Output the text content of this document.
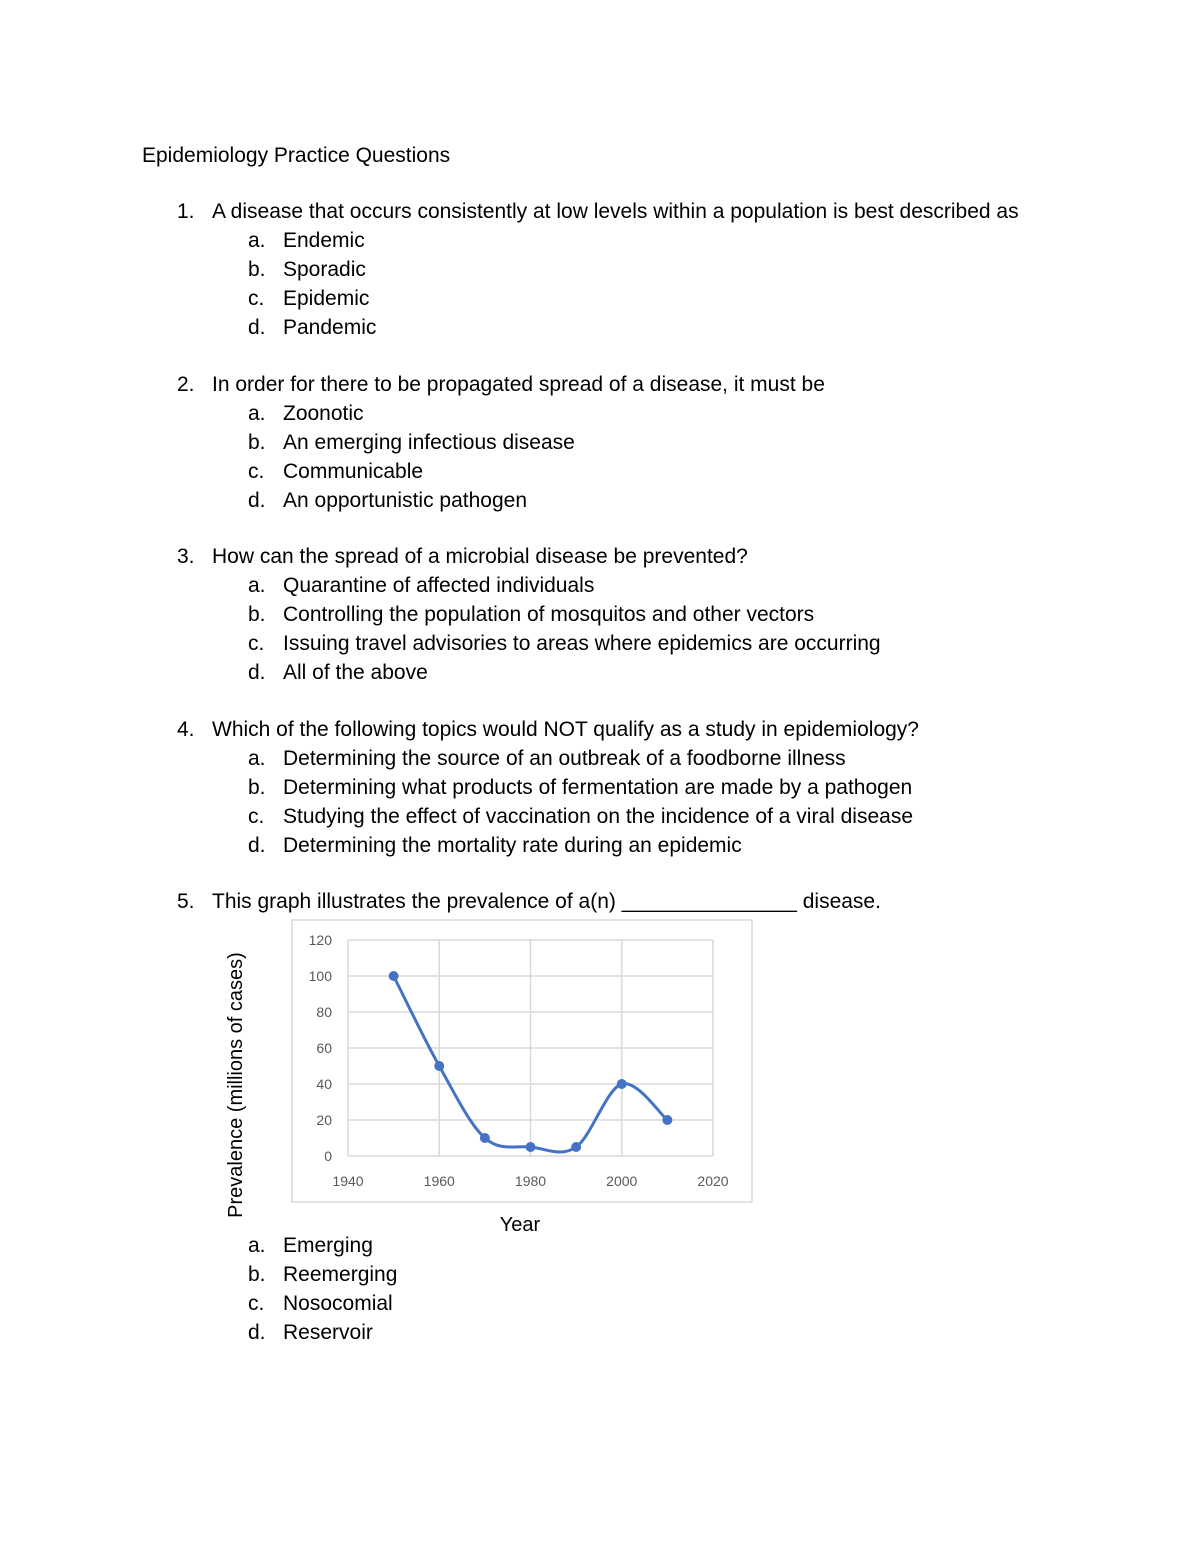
Epidemiology Practice Questions
1. A disease that occurs consistently at low levels within a population is best described as
a. Endemic
b. Sporadic
c. Epidemic
d. Pandemic
2. In order for there to be propagated spread of a disease, it must be
a. Zoonotic
b. An emerging infectious disease
c. Communicable
d. An opportunistic pathogen
3. How can the spread of a microbial disease be prevented?
a. Quarantine of affected individuals
b. Controlling the population of mosquitos and other vectors
c. Issuing travel advisories to areas where epidemics are occurring
d. All of the above
4. Which of the following topics would NOT qualify as a study in epidemiology?
a. Determining the source of an outbreak of a foodborne illness
b. Determining what products of fermentation are made by a pathogen
c. Studying the effect of vaccination on the incidence of a viral disease
d. Determining the mortality rate during an epidemic
5. This graph illustrates the prevalence of a(n) _______________ disease.
0
20
40
60
80
100
120
1940	1960	1980	2000	2020
Prevalence (millions of cases)
Year
a. Emerging
b. Reemerging
c. Nosocomial
d. Reservoir
